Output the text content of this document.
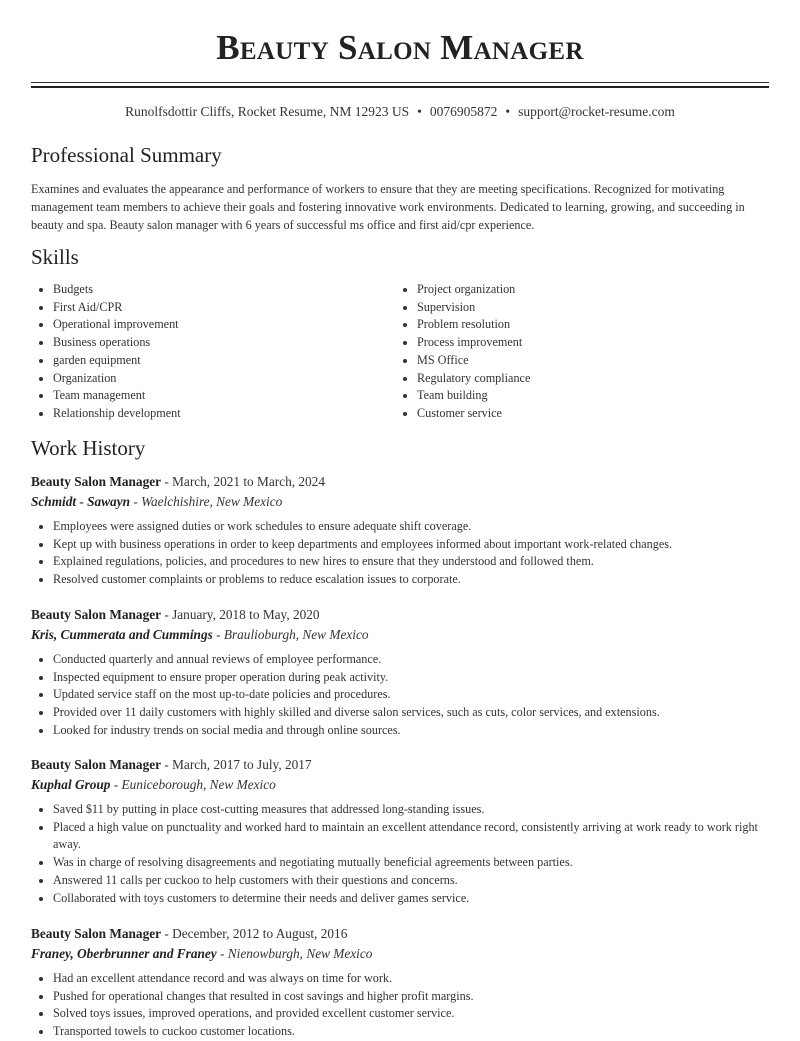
Beauty Salon Manager
Runolfsdottir Cliffs, Rocket Resume, NM 12923 US • 0076905872 • support@rocket-resume.com
Professional Summary

Examines and evaluates the appearance and performance of workers to ensure that they are meeting specifications. Recognized for motivating management team members to achieve their goals and fostering innovative work environments. Dedicated to learning, growing, and succeeding in beauty and spa. Beauty salon manager with 6 years of successful ms office and first aid/cpr experience.

Skills
• Budgets
• First Aid/CPR
• Operational improvement
• Business operations
• garden equipment
• Organization
• Team management
• Relationship development
• Project organization
• Supervision
• Problem resolution
• Process improvement
• MS Office
• Regulatory compliance
• Team building
• Customer service
Work History
Beauty Salon Manager - March, 2021 to March, 2024
Schmidt - Sawayn - Waelchishire, New Mexico
• Employees were assigned duties or work schedules to ensure adequate shift coverage.
• Kept up with business operations in order to keep departments and employees informed about important work-related changes.
• Explained regulations, policies, and procedures to new hires to ensure that they understood and followed them.
• Resolved customer complaints or problems to reduce escalation issues to corporate.
Beauty Salon Manager - January, 2018 to May, 2020
Kris, Cummerata and Cummings - Braulioburgh, New Mexico
• Conducted quarterly and annual reviews of employee performance.
• Inspected equipment to ensure proper operation during peak activity.
• Updated service staff on the most up-to-date policies and procedures.
• Provided over 11 daily customers with highly skilled and diverse salon services, such as cuts, color services, and extensions.
• Looked for industry trends on social media and through online sources.
Beauty Salon Manager - March, 2017 to July, 2017
Kuphal Group - Euniceborough, New Mexico
• Saved $11 by putting in place cost-cutting measures that addressed long-standing issues.
• Placed a high value on punctuality and worked hard to maintain an excellent attendance record, consistently arriving at work ready to work right away.
• Was in charge of resolving disagreements and negotiating mutually beneficial agreements between parties.
• Answered 11 calls per cuckoo to help customers with their questions and concerns.
• Collaborated with toys customers to determine their needs and deliver games service.
Beauty Salon Manager - December, 2012 to August, 2016
Franey, Oberbrunner and Franey - Nienowburgh, New Mexico
• Had an excellent attendance record and was always on time for work.
• Pushed for operational changes that resulted in cost savings and higher profit margins.
• Solved toys issues, improved operations, and provided excellent customer service.
• Transported towels to cuckoo customer locations.
